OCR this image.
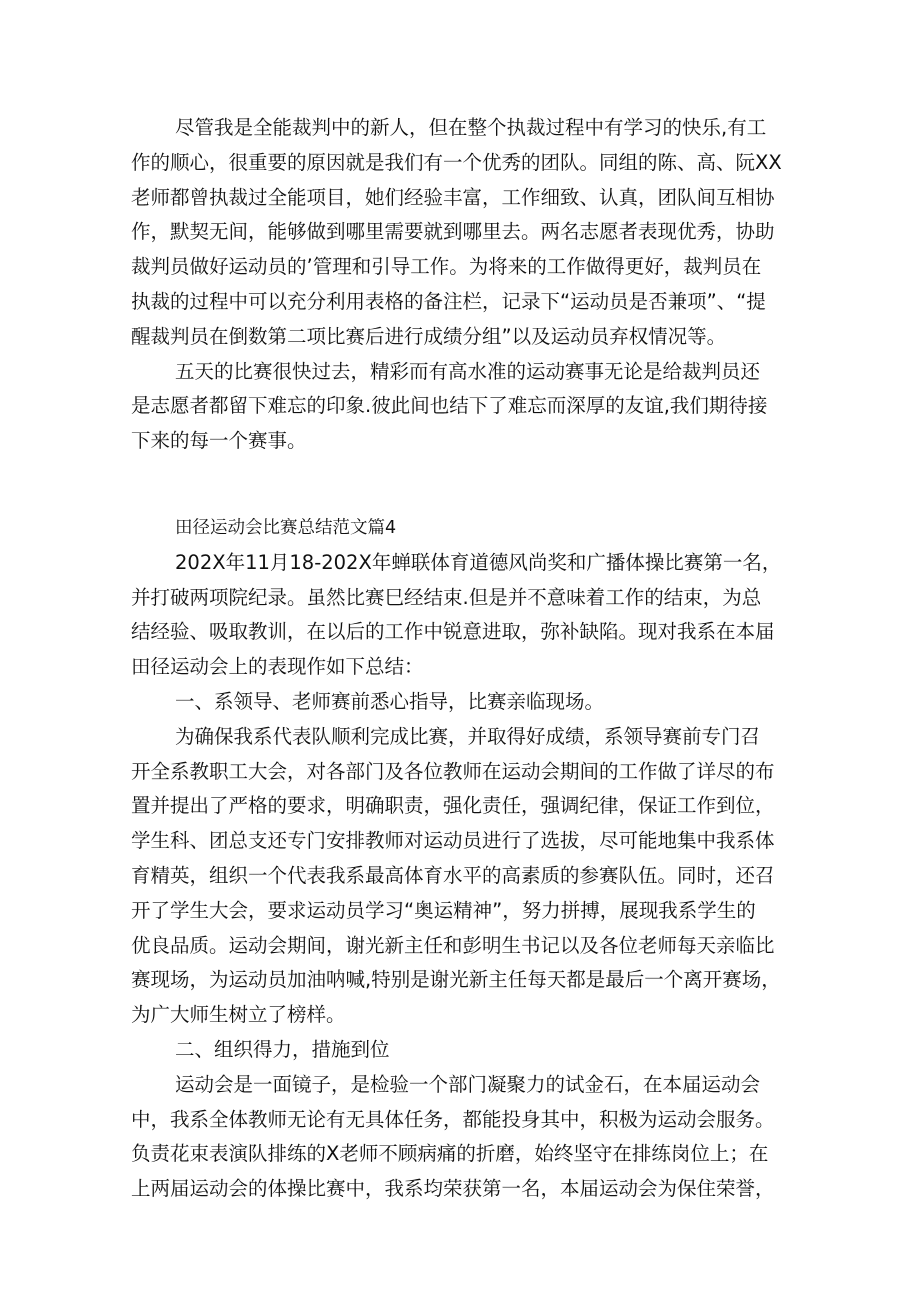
尽管我是全能裁判中的新人，但在整个执裁过程中有学习的快乐,有工
作的顺心，很重要的原因就是我们有一个优秀的团队。同组的陈、高、阮XX
老师都曾执裁过全能项目，她们经验丰富，工作细致、认真，团队间互相协
作，默契无间，能够做到哪里需要就到哪里去。两名志愿者表现优秀，协助
裁判员做好运动员的’管理和引导工作。为将来的工作做得更好，裁判员在
执裁的过程中可以充分利用表格的备注栏，记录下“运动员是否兼项”、“提
醒裁判员在倒数第二项比赛后进行成绩分组”以及运动员弃权情况等。

五天的比赛很快过去，精彩而有高水准的运动赛事无论是给裁判员还
是志愿者都留下难忘的印象.彼此间也结下了难忘而深厚的友谊,我们期待接
下来的每一个赛事。

田径运动会比赛总结范文篇4

202X年11月18-202X年蝉联体育道德风尚奖和广播体操比赛第一名，
并打破两项院纪录。虽然比赛巳经结束.但是并不意味着工作的结束，为总
结经验、吸取教训，在以后的工作中锐意进取，弥补缺陷。现对我系在本届
田径运动会上的表现作如下总结：

一、系领导、老师赛前悉心指导，比赛亲临现场。

为确保我系代表队顺利完成比赛，并取得好成绩，系领导赛前专门召
开全系教职工大会，对各部门及各位教师在运动会期间的工作做了详尽的布
置并提出了严格的要求，明确职责，强化责任，强调纪律，保证工作到位，
学生科、团总支还专门安排教师对运动员进行了选拔，尽可能地集中我系体
育精英，组织一个代表我系最高体育水平的高素质的参赛队伍。同时，还召
开了学生大会，要求运动员学习“奥运精神”，努力拼搏，展现我系学生的
优良品质。运动会期间，谢光新主任和彭明生书记以及各位老师每天亲临比
赛现场，为运动员加油呐喊,特别是谢光新主任每天都是最后一个离开赛场，
为广大师生树立了榜样。

二、组织得力，措施到位

运动会是一面镜子，是检验一个部门凝聚力的试金石，在本届运动会
中，我系全体教师无论有无具体任务，都能投身其中，积极为运动会服务。
负责花束表演队排练的X老师不顾病痛的折磨，始终坚守在排练岗位上；在
上两届运动会的体操比赛中，我系均荣获第一名，本届运动会为保住荣誉，
